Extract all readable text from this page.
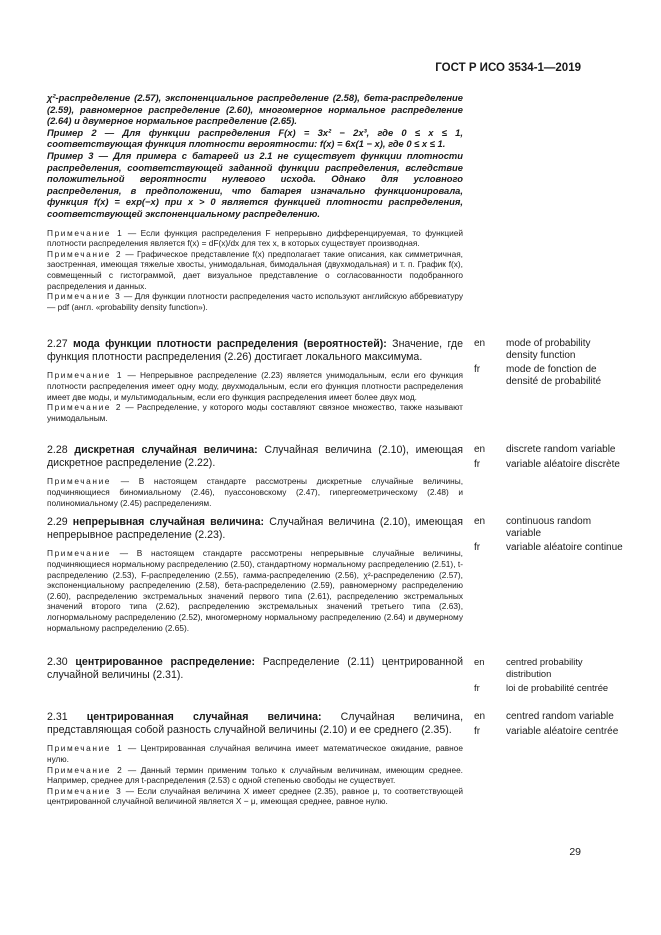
ГОСТ Р ИСО 3534-1—2019

χ²-распределение (2.57), экспоненциальное распределение (2.58), бета-распределение (2.59), равномерное распределение (2.60), многомерное нормальное распределение (2.64) и двумерное нормальное распределение (2.65).

Пример 2 — Для функции распределения F(x) = 3x² − 2x³, где 0 ≤ x ≤ 1, соответствующая функция плотности вероятности: f(x) = 6x(1 − x), где 0 ≤ x ≤ 1.

Пример 3 — Для примера с батареей из 2.1 не существует функции плотности распределения, соответствующей заданной функции распределения, вследствие положительной вероятности нулевого исхода. Однако для условного распределения, в предположении, что батарея изначально функционировала, функция f(x) = exp(−x) при x > 0 является функцией плотности распределения, соответствующей экспоненциальному распределению.

Примечание 1 — Если функция распределения F непрерывно дифференцируемая, то функцией плотности распределения является f(x) = dF(x)/dx для тех x, в которых существует производная.

Примечание 2 — Графическое представление f(x) предполагает такие описания, как симметричная, заостренная, имеющая тяжелые хвосты, унимодальная, бимодальная (двухмодальная) и т. п. График f(x), совмещенный с гистограммой, дает визуальное представление о согласованности подобранного распределения и данных.

Примечание 3 — Для функции плотности распределения часто используют английскую аббревиатуру — pdf (англ. «probability density function»).

2.27 мода функции плотности распределения (вероятностей): Значение, где функция плотности распределения (2.26) достигает локального максимума.

Примечание 1 — Непрерывное распределение (2.23) является унимодальным, если его функция плотности распределения имеет одну моду, двухмодальным, если его функция плотности распределения имеет две моды, и мультимодальным, если его функция распределения имеет более двух мод.

Примечание 2 — Распределение, у которого моды составляют связное множество, также называют унимодальным.

en	mode of probability density function
fr	mode de fonction de densité de probabilité

2.28 дискретная случайная величина: Случайная величина (2.10), имеющая дискретное распределение (2.22).

Примечание — В настоящем стандарте рассмотрены дискретные случайные величины, подчиняющиеся биномиальному (2.46), пуассоновскому (2.47), гипергеометрическому (2.48) и полиномиальному (2.45) распределениям.

en	discrete random variable
fr	variable aléatoire discrète

2.29 непрерывная случайная величина: Случайная величина (2.10), имеющая непрерывное распределение (2.23).

Примечание — В настоящем стандарте рассмотрены непрерывные случайные величины, подчиняющиеся нормальному распределению (2.50), стандартному нормальному распределению (2.51), t-распределению (2.53), F-распределению (2.55), гамма-распределению (2.56), χ²-распределению (2.57), экспоненциальному распределению (2.58), бета-распределению (2.59), равномерному распределению (2.60), распределению экстремальных значений первого типа (2.61), распределению экстремальных значений второго типа (2.62), распределению экстремальных значений третьего типа (2.63), логнормальному распределению (2.52), многомерному нормальному распределению (2.64) и двумерному нормальному распределению (2.65).

en	continuous random variable
fr	variable aléatoire continue

2.30 центрированное распределение: Распределение (2.11) центрированной случайной величины (2.31).

en	centred probability distribution
fr	loi de probabilité centrée

2.31 центрированная случайная величина: Случайная величина, представляющая собой разность случайной величины (2.10) и ее среднего (2.35).

Примечание 1 — Центрированная случайная величина имеет математическое ожидание, равное нулю.

Примечание 2 — Данный термин применим только к случайным величинам, имеющим среднее. Например, среднее для t-распределения (2.53) с одной степенью свободы не существует.

Примечание 3 — Если случайная величина X имеет среднее (2.35), равное μ, то соответствующей центрированной случайной величиной является X − μ, имеющая среднее, равное нулю.

en	centred random variable
fr	variable aléatoire centrée
29
